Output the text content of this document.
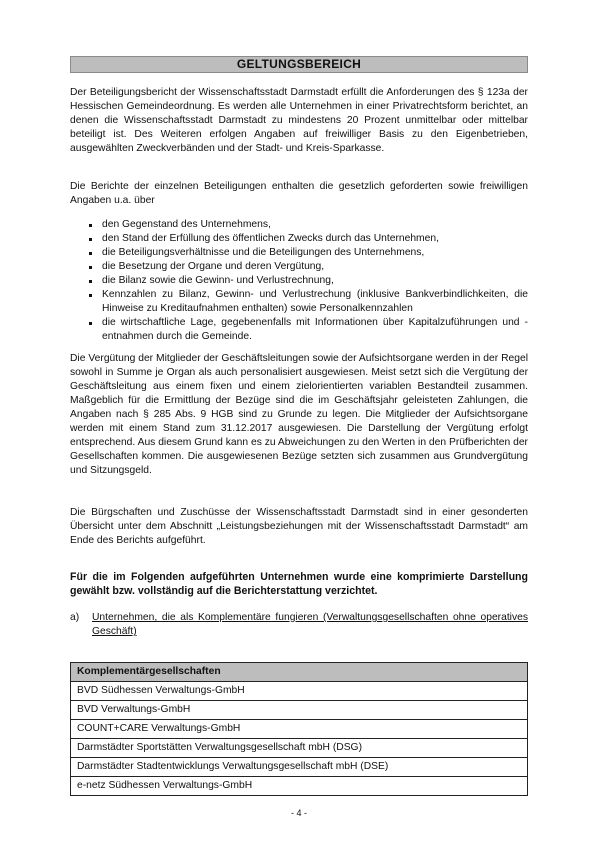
GELTUNGSBEREICH

Der Beteiligungsbericht der Wissenschaftsstadt Darmstadt erfüllt die Anforderungen des § 123a der Hessischen Gemeindeordnung. Es werden alle Unternehmen in einer Privatrechtsform berichtet, an denen die Wissenschaftsstadt Darmstadt zu mindestens 20 Prozent unmittelbar oder mittelbar beteiligt ist. Des Weiteren erfolgen Angaben auf freiwilliger Basis zu den Eigenbetrieben, ausgewählten Zweckverbänden und der Stadt- und Kreis-Sparkasse.

Die Berichte der einzelnen Beteiligungen enthalten die gesetzlich geforderten sowie freiwilligen Angaben u.a. über

den Gegenstand des Unternehmens,
den Stand der Erfüllung des öffentlichen Zwecks durch das Unternehmen,
die Beteiligungsverhältnisse und die Beteiligungen des Unternehmens,
die Besetzung der Organe und deren Vergütung,
die Bilanz sowie die Gewinn- und Verlustrechnung,
Kennzahlen zu Bilanz, Gewinn- und Verlustrechung (inklusive Bankverbindlichkeiten, die Hinweise zu Kreditaufnahmen enthalten) sowie Personalkennzahlen
die wirtschaftliche Lage, gegebenenfalls mit Informationen über Kapitalzuführungen und -entnahmen durch die Gemeinde.

Die Vergütung der Mitglieder der Geschäftsleitungen sowie der Aufsichtsorgane werden in der Regel sowohl in Summe je Organ als auch personalisiert ausgewiesen. Meist setzt sich die Vergütung der Geschäftsleitung aus einem fixen und einem zielorientierten variablen Bestandteil zusammen. Maßgeblich für die Ermittlung der Bezüge sind die im Geschäftsjahr geleisteten Zahlungen, die Angaben nach § 285 Abs. 9 HGB sind zu Grunde zu legen. Die Mitglieder der Aufsichtsorgane werden mit einem Stand zum 31.12.2017 ausgewiesen. Die Darstellung der Vergütung erfolgt entsprechend. Aus diesem Grund kann es zu Abweichungen zu den Werten in den Prüfberichten der Gesellschaften kommen. Die ausgewiesenen Bezüge setzten sich zusammen aus Grundvergütung und Sitzungsgeld.

Die Bürgschaften und Zuschüsse der Wissenschaftsstadt Darmstadt sind in einer gesonderten Übersicht unter dem Abschnitt „Leistungsbeziehungen mit der Wissenschaftsstadt Darmstadt“ am Ende des Berichts aufgeführt.

Für die im Folgenden aufgeführten Unternehmen wurde eine komprimierte Darstellung gewählt bzw. vollständig auf die Berichterstattung verzichtet.

a) Unternehmen, die als Komplementäre fungieren (Verwaltungsgesellschaften ohne operatives Geschäft)
Komplementärgesellschaften
BVD Südhessen Verwaltungs-GmbH
BVD Verwaltungs-GmbH
COUNT+CARE Verwaltungs-GmbH
Darmstädter Sportstätten Verwaltungsgesellschaft mbH (DSG)
Darmstädter Stadtentwicklungs Verwaltungsgesellschaft mbH (DSE)
e-netz Südhessen Verwaltungs-GmbH
- 4 -
